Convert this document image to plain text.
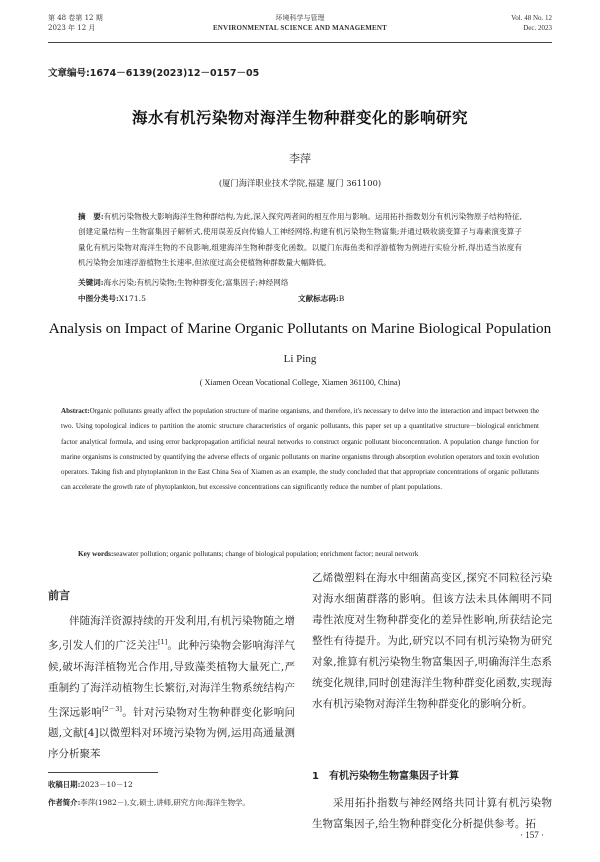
第 48 卷第 12 期
2023 年 12 月
环境科学与管理
ENVIRONMENTAL SCIENCE AND MANAGEMENT
Vol. 48 No. 12
Dec. 2023
文章编号:1674－6139(2023)12－0157－05
海水有机污染物对海洋生物种群变化的影响研究
李萍
(厦门海洋职业技术学院,福建 厦门 361100)
摘　要:有机污染物极大影响海洋生物种群结构,为此,深入探究两者间的相互作用与影响。运用拓扑指数划分有机污染物原子结构特征,创建定量结构－生物富集因子解析式,使用误差反向传输人工神经网络,构建有机污染物生物富集;并通过吸收演变算子与毒素演变算子量化有机污染物对海洋生物的不良影响,组建海洋生物种群变化函数。以厦门东海鱼类和浮游植物为例进行实验分析,得出适当浓度有机污染物会加速浮游植物生长速率,但浓度过高会使植物种群数量大幅降低。
关键词:海水污染;有机污染物;生物种群变化;富集因子;神经网络
中图分类号:X171.5	文献标志码:B
Analysis on Impact of Marine Organic Pollutants on Marine Biological Population
Li Ping
( Xiamen Ocean Vocational College, Xiamen 361100, China)
Abstract:Organic pollutants greatly affect the population structure of marine organisms, and therefore, it's necessary to delve into the interaction and impact between the two. Using topological indices to partition the atomic structure characteristics of organic pollutants, this paper set up a quantitative structure－biological enrichment factor analytical formula, and using error backpropagation artificial neural networks to construct organic pollutant bioconcentration. A population change function for marine organisms is constructed by quantifying the adverse effects of organic pollutants on marine organisms through absorption evolution operators and toxin evolution operators. Taking fish and phytoplankton in the East China Sea of Xiamen as an example, the study concluded that that appropriate concentrations of organic pollutants can accelerate the growth rate of phytoplankton, but excessive concentrations can significantly reduce the number of plant populations.
Key words:seawater pollution; organic pollutants; change of biological population; enrichment factor; neural network
前言
伴随海洋资源持续的开发利用,有机污染物随之增多,引发人们的广泛关注[1]。此种污染物会影响海洋气候,破坏海洋植物光合作用,导致藻类植物大量死亡,严重制约了海洋动植物生长繁衍,对海洋生物系统结构产生深远影响[2－3]。针对污染物对生物种群变化影响问题,文献[4]以微塑料对环境污染物为例,运用高通量测序分析聚苯
收稿日期:2023－10－12
作者简介:李萍(1982－),女,硕士,讲师,研究方向:海洋生物学。
乙烯微塑料在海水中细菌高变区,探究不同粒径污染对海水细菌群落的影响。但该方法未具体阐明不同毒性浓度对生物种群变化的差异性影响,所获结论完整性有待提升。为此,研究以不同有机污染物为研究对象,推算有机污染物生物富集因子,明确海洋生态系统变化规律,同时创建海洋生物种群变化函数,实现海水有机污染物对海洋生物种群变化的影响分析。
1　有机污染物生物富集因子计算
采用拓扑指数与神经网络共同计算有机污染物生物富集因子,给生物种群变化分析提供参考。拓
· 157 ·
